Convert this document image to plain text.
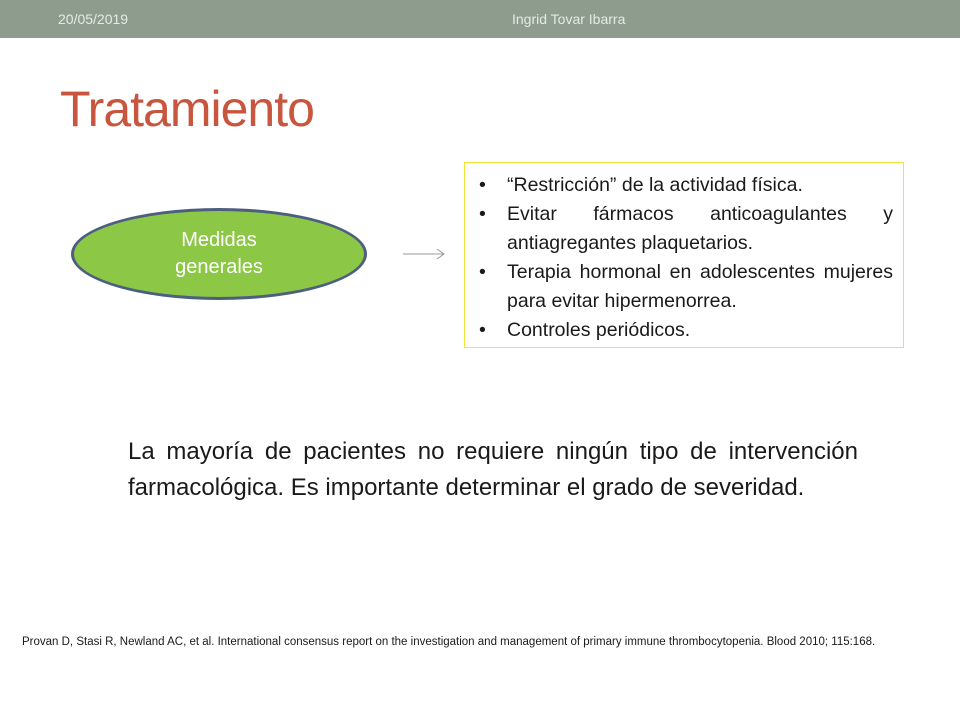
20/05/2019	Ingrid Tovar Ibarra
Tratamiento
Medidas generales
• “Restricción” de la actividad física.
• Evitar fármacos anticoagulantes y antiagregantes plaquetarios.
• Terapia hormonal en adolescentes mujeres para evitar hipermenorrea.
• Controles periódicos.

La mayoría de pacientes no requiere ningún tipo de intervención farmacológica. Es importante determinar el grado de severidad.

Provan D, Stasi R, Newland AC, et al. International consensus report on the investigation and management of primary immune thrombocytopenia. Blood 2010; 115:168.
